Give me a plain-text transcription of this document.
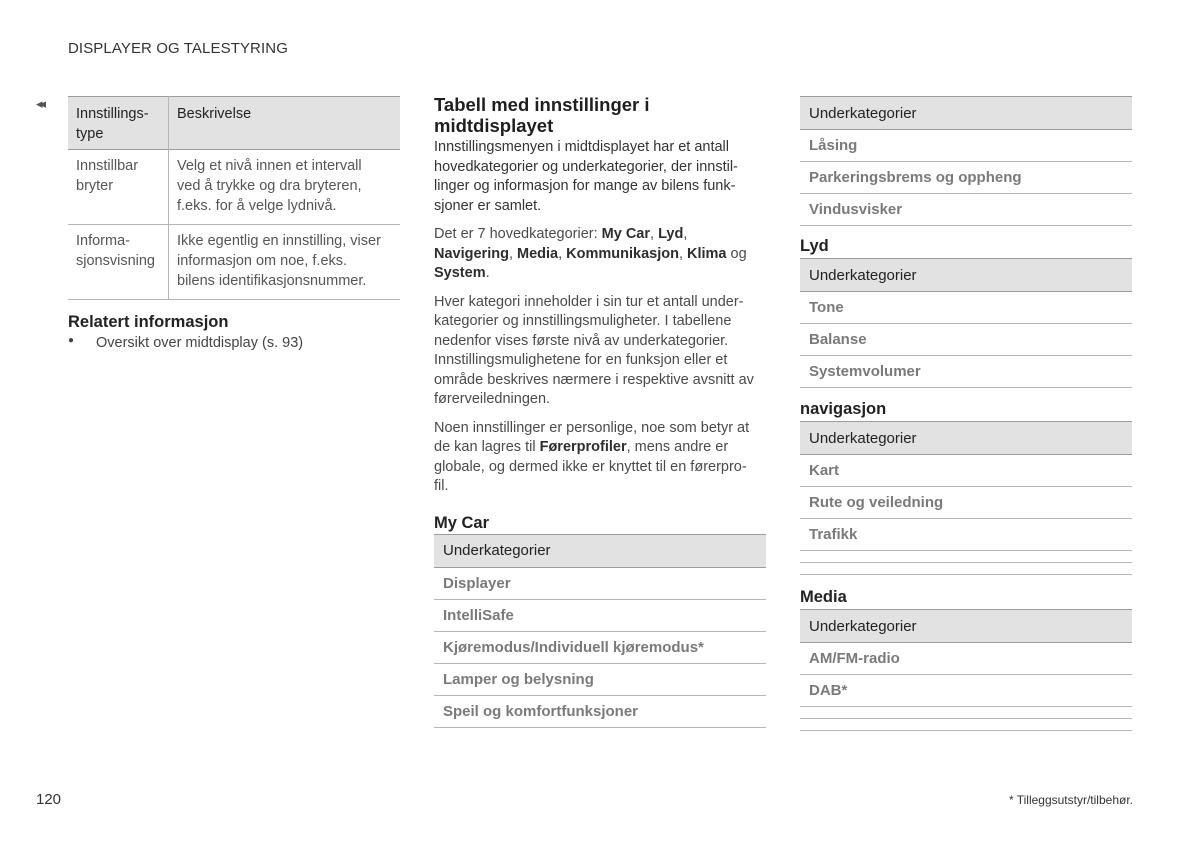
DISPLAYER OG TALESTYRING
◂◂
Innstillings-
type	Beskrivelse
Innstillbar
bryter	Velg et nivå innen et intervall
ved å trykke og dra bryteren,
f.eks. for å velge lydnivå.
Informa-
sjonsvisning	Ikke egentlig en innstilling, viser
informasjon om noe, f.eks.
bilens identifikasjonsnummer.
Relatert informasjon
● Oversikt over midtdisplay (s. 93)
Tabell med innstillinger i
midtdisplayet

Innstillingsmenyen i midtdisplayet har et antall
hovedkategorier og underkategorier, der innstil-
linger og informasjon for mange av bilens funk-
sjoner er samlet.

Det er 7 hovedkategorier: My Car, Lyd,
Navigering, Media, Kommunikasjon, Klima og
System.

Hver kategori inneholder i sin tur et antall under-
kategorier og innstillingsmuligheter. I tabellene
nedenfor vises første nivå av underkategorier.
Innstillingsmulighetene for en funksjon eller et
område beskrives nærmere i respektive avsnitt av
førerveiledningen.

Noen innstillinger er personlige, noe som betyr at
de kan lagres til Førerprofiler, mens andre er
globale, og dermed ikke er knyttet til en førerpro-
fil.

My Car
Underkategorier
Displayer
IntelliSafe
Kjøremodus/Individuell kjøremodus*
Lamper og belysning
Speil og komfortfunksjoner
Underkategorier
Låsing
Parkeringsbrems og oppheng
Vindusvisker
Lyd
Underkategorier
Tone
Balanse
Systemvolumer
navigasjon
Underkategorier
Kart
Rute og veiledning
Trafikk

Media
Underkategorier
AM/FM-radio
DAB*

120	* Tilleggsutstyr/tilbehør.
